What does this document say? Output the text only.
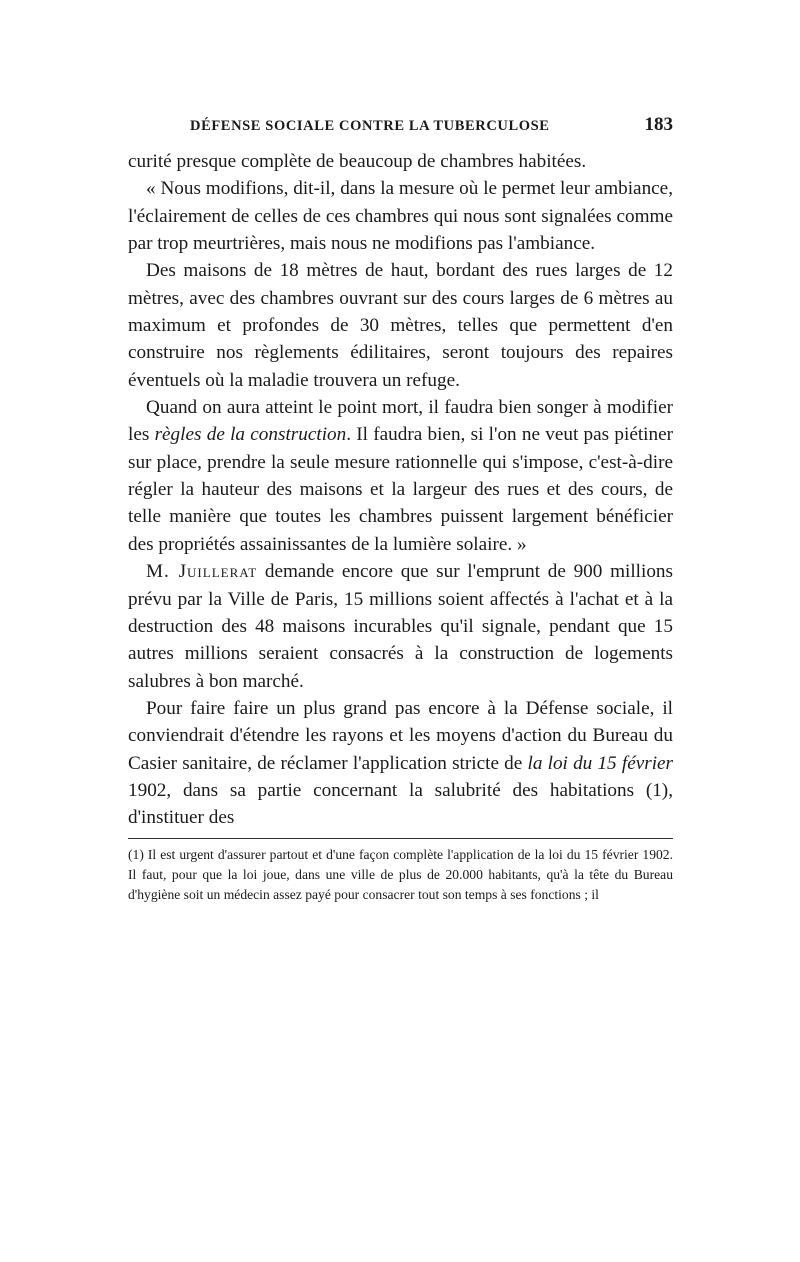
DÉFENSE SOCIALE CONTRE LA TUBERCULOSE	183

curité presque complète de beaucoup de chambres habitées.

« Nous modifions, dit-il, dans la mesure où le permet leur ambiance, l'éclairement de celles de ces chambres qui nous sont signalées comme par trop meurtrières, mais nous ne modifions pas l'ambiance.

Des maisons de 18 mètres de haut, bordant des rues larges de 12 mètres, avec des chambres ouvrant sur des cours larges de 6 mètres au maximum et profondes de 30 mètres, telles que permettent d'en construire nos règlements édilitaires, seront toujours des repaires éventuels où la maladie trouvera un refuge.

Quand on aura atteint le point mort, il faudra bien songer à modifier les règles de la construction. Il faudra bien, si l'on ne veut pas piétiner sur place, prendre la seule mesure rationnelle qui s'impose, c'est-à-dire régler la hauteur des maisons et la largeur des rues et des cours, de telle manière que toutes les chambres puissent largement bénéficier des propriétés assainissantes de la lumière solaire. »

M. Juillerat demande encore que sur l'emprunt de 900 millions prévu par la Ville de Paris, 15 millions soient affectés à l'achat et à la destruction des 48 maisons incurables qu'il signale, pendant que 15 autres millions seraient consacrés à la construction de logements salubres à bon marché.

Pour faire faire un plus grand pas encore à la Défense sociale, il conviendrait d'étendre les rayons et les moyens d'action du Bureau du Casier sanitaire, de réclamer l'application stricte de la loi du 15 février 1902, dans sa partie concernant la salubrité des habitations (1), d'instituer des

(1) Il est urgent d'assurer partout et d'une façon complète l'application de la loi du 15 février 1902. Il faut, pour que la loi joue, dans une ville de plus de 20.000 habitants, qu'à la tête du Bureau d'hygiène soit un médecin assez payé pour consacrer tout son temps à ses fonctions ; il
